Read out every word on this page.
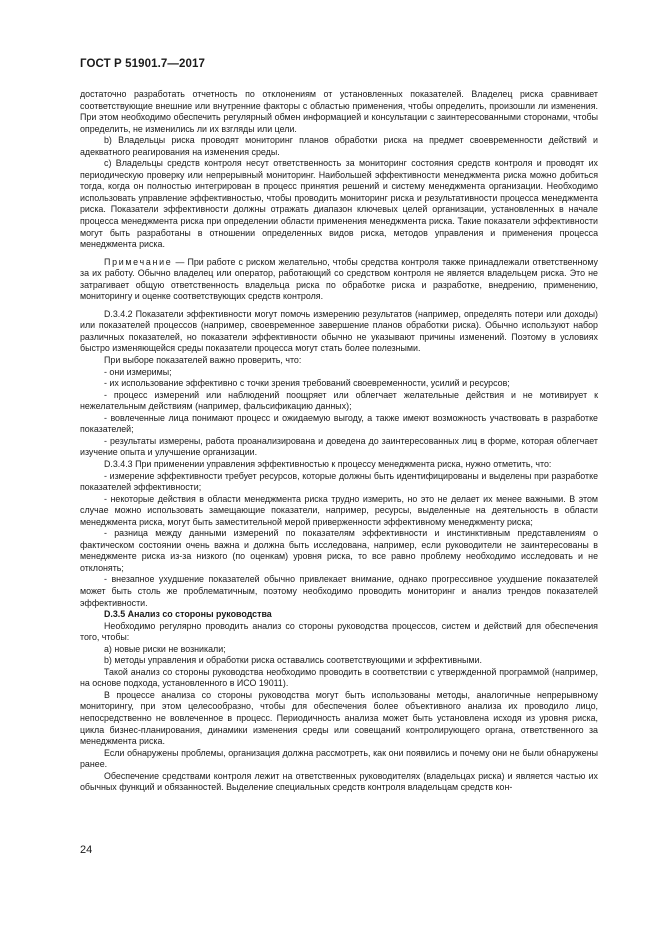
ГОСТ Р 51901.7—2017

достаточно разработать отчетность по отклонениям от установленных показателей. Владелец риска сравнивает соответствующие внешние или внутренние факторы с областью применения, чтобы определить, произошли ли изменения. При этом необходимо обеспечить регулярный обмен информацией и консультации с заинтересованными сторонами, чтобы определить, не изменились ли их взгляды или цели.

b) Владельцы риска проводят мониторинг планов обработки риска на предмет своевременности действий и адекватного реагирования на изменения среды.

c) Владельцы средств контроля несут ответственность за мониторинг состояния средств контроля и проводят их периодическую проверку или непрерывный мониторинг. Наибольшей эффективности менеджмента риска можно добиться тогда, когда он полностью интегрирован в процесс принятия решений и систему менеджмента организации. Необходимо использовать управление эффективностью, чтобы проводить мониторинг риска и результативности процесса менеджмента риска. Показатели эффективности должны отражать диапазон ключевых целей организации, установленных в начале процесса менеджмента риска при определении области применения менеджмента риска. Такие показатели эффективности могут быть разработаны в отношении определенных видов риска, методов управления и применения процесса менеджмента риска.

Примечание — При работе с риском желательно, чтобы средства контроля также принадлежали ответственному за их работу. Обычно владелец или оператор, работающий со средством контроля не является владельцем риска. Это не затрагивает общую ответственность владельца риска по обработке риска и разработке, внедрению, применению, мониторингу и оценке соответствующих средств контроля.

D.3.4.2 Показатели эффективности могут помочь измерению результатов (например, определять потери или доходы) или показателей процессов (например, своевременное завершение планов обработки риска). Обычно используют набор различных показателей, но показатели эффективности обычно не указывают причины изменений. Поэтому в условиях быстро изменяющейся среды показатели процесса могут стать более полезными.

При выборе показателей важно проверить, что:

- они измеримы;

- их использование эффективно с точки зрения требований своевременности, усилий и ресурсов;

- процесс измерений или наблюдений поощряет или облегчает желательные действия и не мотивирует к нежелательным действиям (например, фальсификацию данных);

- вовлеченные лица понимают процесс и ожидаемую выгоду, а также имеют возможность участвовать в разработке показателей;

- результаты измерены, работа проанализирована и доведена до заинтересованных лиц в форме, которая облегчает изучение опыта и улучшение организации.

D.3.4.3 При применении управления эффективностью к процессу менеджмента риска, нужно отметить, что:

- измерение эффективности требует ресурсов, которые должны быть идентифицированы и выделены при разработке показателей эффективности;

- некоторые действия в области менеджмента риска трудно измерить, но это не делает их менее важными. В этом случае можно использовать замещающие показатели, например, ресурсы, выделенные на деятельность в области менеджмента риска, могут быть заместительной мерой приверженности эффективному менеджменту риска;

- разница между данными измерений по показателям эффективности и инстинктивным представлениям о фактическом состоянии очень важна и должна быть исследована, например, если руководители не заинтересованы в менеджменте риска из-за низкого (по оценкам) уровня риска, то все равно проблему необходимо исследовать и не отклонять;

- внезапное ухудшение показателей обычно привлекает внимание, однако прогрессивное ухудшение показателей может быть столь же проблематичным, поэтому необходимо проводить мониторинг и анализ трендов показателей эффективности.

D.3.5 Анализ со стороны руководства

Необходимо регулярно проводить анализ со стороны руководства процессов, систем и действий для обеспечения того, чтобы:

а) новые риски не возникали;

b) методы управления и обработки риска оставались соответствующими и эффективными.

Такой анализ со стороны руководства необходимо проводить в соответствии с утвержденной программой (например, на основе подхода, установленного в ИСО 19011).

В процессе анализа со стороны руководства могут быть использованы методы, аналогичные непрерывному мониторингу, при этом целесообразно, чтобы для обеспечения более объективного анализа их проводило лицо, непосредственно не вовлеченное в процесс. Периодичность анализа может быть установлена исходя из уровня риска, цикла бизнес-планирования, динамики изменения среды или совещаний контролирующего органа, ответственного за менеджмента риска.

Если обнаружены проблемы, организация должна рассмотреть, как они появились и почему они не были обнаружены ранее.

Обеспечение средствами контроля лежит на ответственных руководителях (владельцах риска) и является частью их обычных функций и обязанностей. Выделение специальных средств контроля владельцам средств кон-

24
